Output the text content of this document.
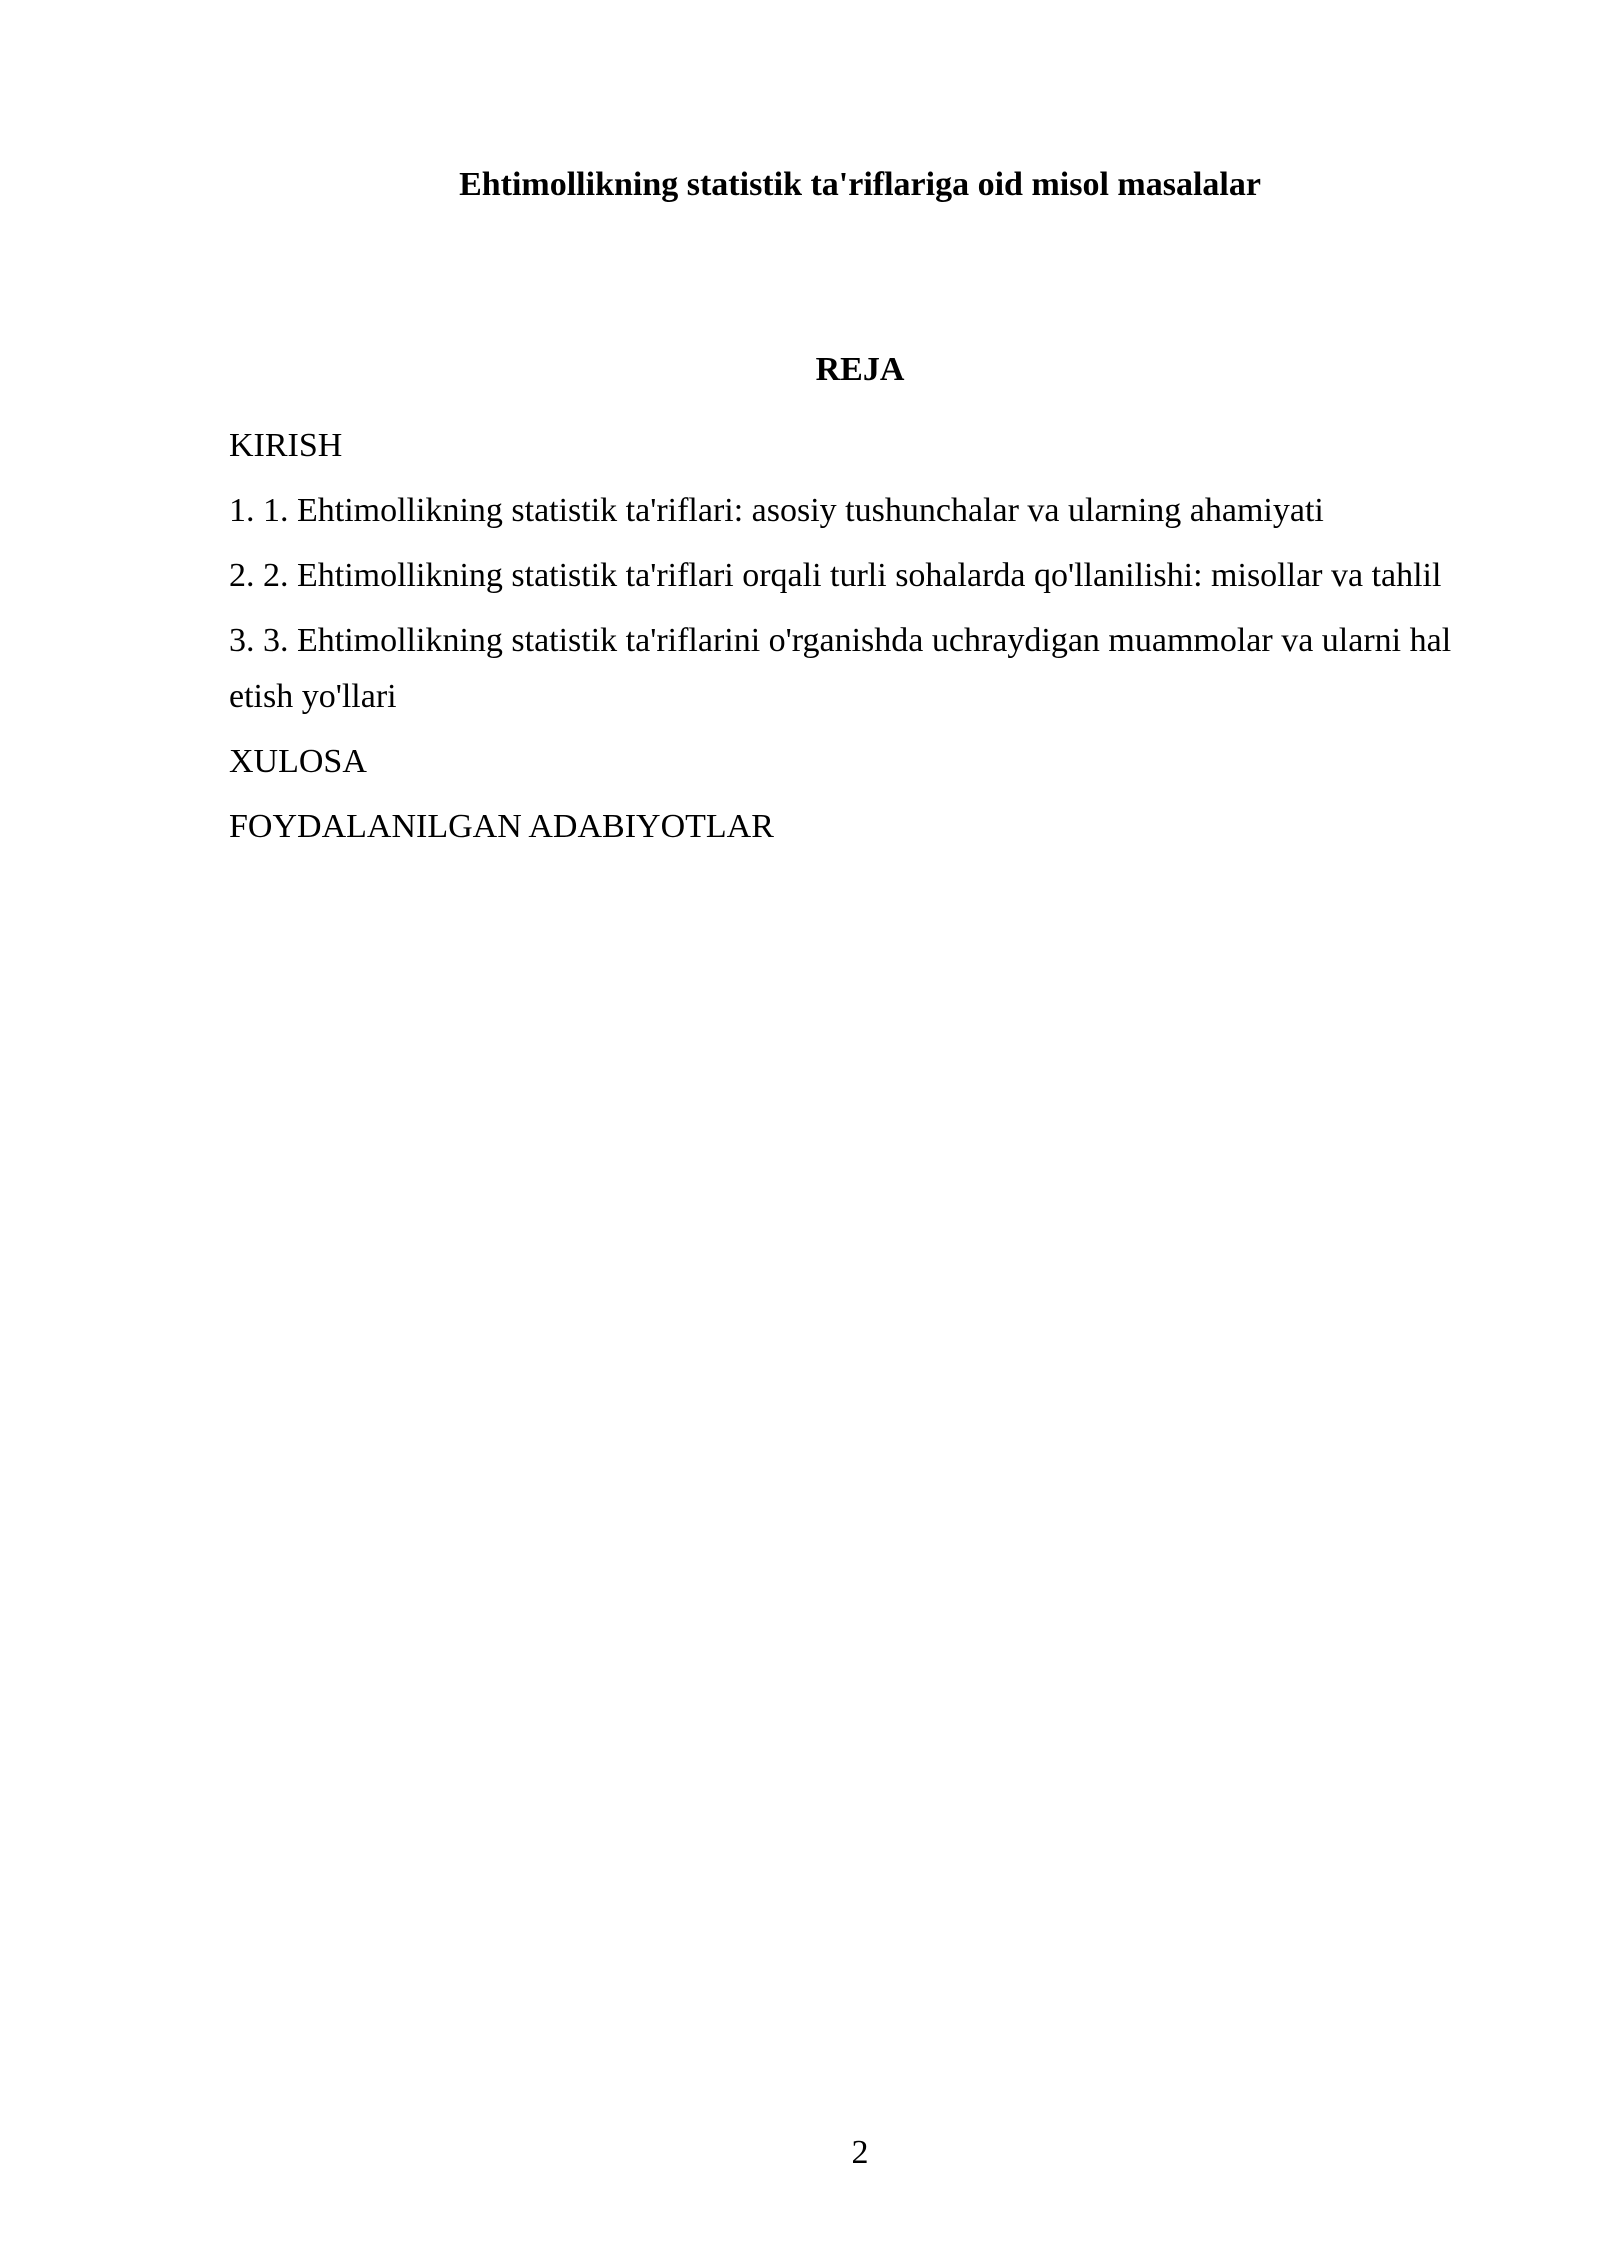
Ehtimollikning statistik ta'riflariga oid misol masalalar
REJA
KIRISH
1. 1. Ehtimollikning statistik ta'riflari: asosiy tushunchalar va ularning ahamiyati
2. 2. Ehtimollikning statistik ta'riflari orqali turli sohalarda qo'llanilishi: misollar va tahlil
3. 3. Ehtimollikning statistik ta'riflarini o'rganishda uchraydigan muammolar va ularni hal etish yo'llari
XULOSA
FOYDALANILGAN ADABIYOTLAR
2
